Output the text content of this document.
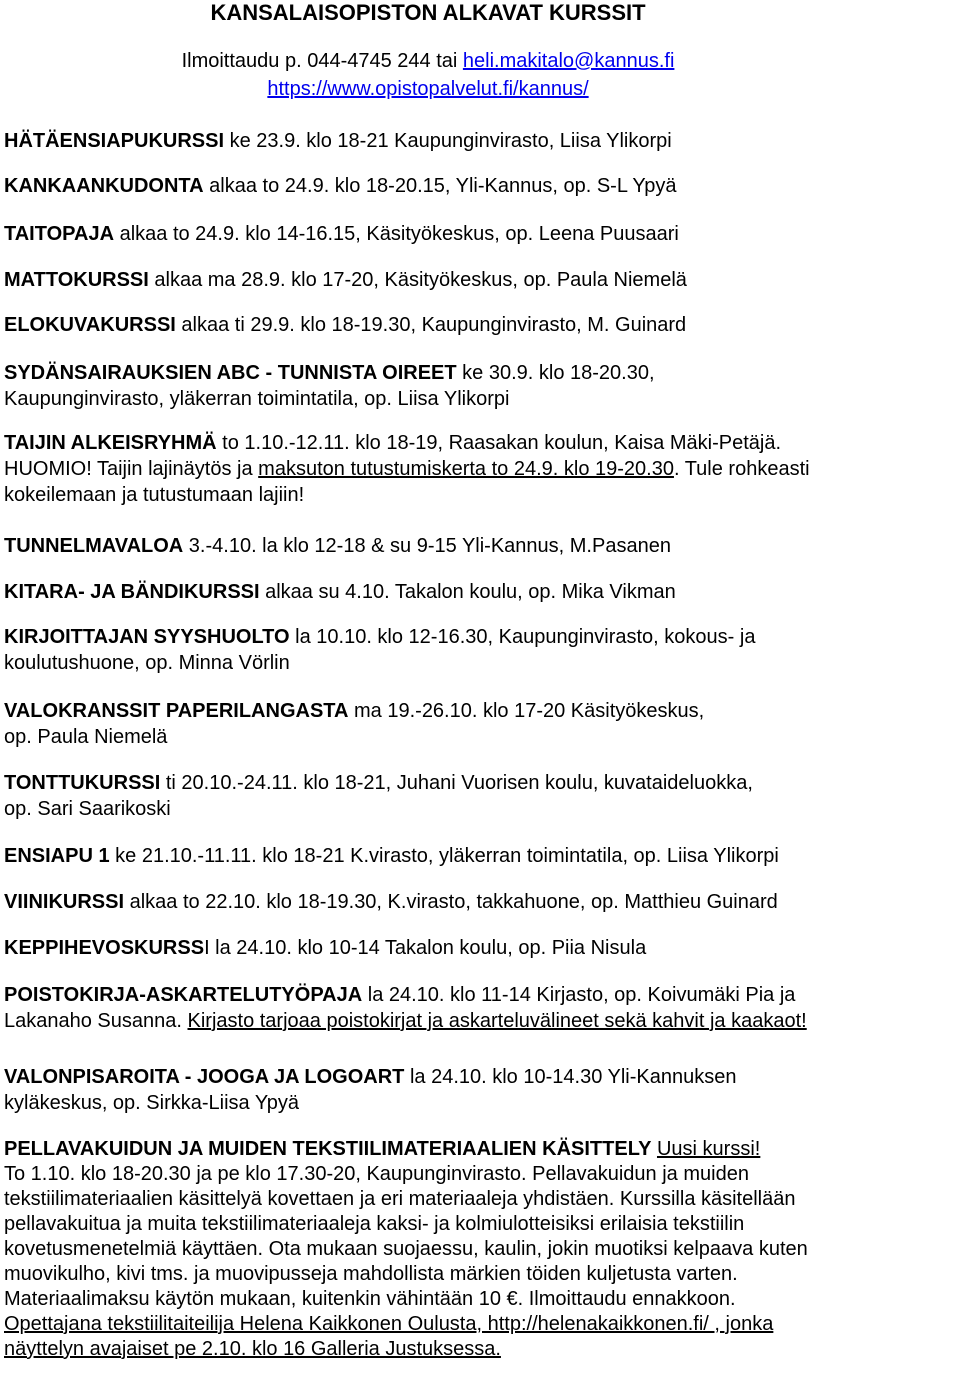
KANSALAISOPISTON ALKAVAT KURSSIT
Ilmoittaudu p. 044-4745 244 tai heli.makitalo@kannus.fi
https://www.opistopalvelut.fi/kannus/
HÄTÄENSIAPUKURSSI ke 23.9. klo 18-21 Kaupunginvirasto, Liisa Ylikorpi
KANKAANKUDONTA alkaa to 24.9. klo 18-20.15, Yli-Kannus, op. S-L Ypyä
TAITOPAJA alkaa to 24.9. klo 14-16.15, Käsityökeskus, op. Leena Puusaari
MATTOKURSSI alkaa ma 28.9. klo 17-20, Käsityökeskus, op. Paula Niemelä
ELOKUVAKURSSI alkaa ti 29.9. klo 18-19.30, Kaupunginvirasto, M. Guinard
SYDÄNSAIRAUKSIEN ABC - TUNNISTA OIREET ke 30.9. klo 18-20.30,
Kaupunginvirasto, yläkerran toimintatila, op. Liisa Ylikorpi
TAIJIN ALKEISRYHMÄ to 1.10.-12.11. klo 18-19, Raasakan koulun, Kaisa Mäki-Petäjä.
HUOMIO! Taijin lajinäytös ja maksuton tutustumiskerta to 24.9. klo 19-20.30. Tule rohkeasti
kokeilemaan ja tutustumaan lajiin!
TUNNELMAVALOA 3.-4.10. la klo 12-18 & su 9-15 Yli-Kannus, M.Pasanen
KITARA- JA BÄNDIKURSSI alkaa su 4.10. Takalon koulu, op. Mika Vikman
KIRJOITTAJAN SYYSHUOLTO la 10.10. klo 12-16.30, Kaupunginvirasto, kokous- ja
koulutushuone, op. Minna Vörlin
VALOKRANSSIT PAPERILANGASTA ma 19.-26.10. klo 17-20 Käsityökeskus,
op. Paula Niemelä
TONTTUKURSSI ti 20.10.-24.11. klo 18-21, Juhani Vuorisen koulu, kuvataideluokka,
op. Sari Saarikoski
ENSIAPU 1 ke 21.10.-11.11. klo 18-21 K.virasto, yläkerran toimintatila, op. Liisa Ylikorpi
VIINIKURSSI alkaa to 22.10. klo 18-19.30, K.virasto, takkahuone, op. Matthieu Guinard
KEPPIHEVOSKURSSI la 24.10. klo 10-14 Takalon koulu, op. Piia Nisula
POISTOKIRJA-ASKARTELUTYÖPAJA la 24.10. klo 11-14 Kirjasto, op. Koivumäki Pia ja
Lakanaho Susanna. Kirjasto tarjoaa poistokirjat ja askarteluvälineet sekä kahvit ja kaakaot!
VALONPISAROITA - JOOGA JA LOGOART la 24.10. klo 10-14.30 Yli-Kannuksen
kyläkeskus, op. Sirkka-Liisa Ypyä
PELLAVAKUIDUN JA MUIDEN TEKSTIILIMATERIAALIEN KÄSITTELY Uusi kurssi!
To 1.10. klo 18-20.30 ja pe klo 17.30-20, Kaupunginvirasto. Pellavakuidun ja muiden
tekstiilimateriaalien käsittelyä kovettaen ja eri materiaaleja yhdistäen. Kurssilla käsitellään
pellavakuitua ja muita tekstiilimateriaaleja kaksi- ja kolmiulotteisiksi erilaisia tekstiilin
kovetusmenetelmiä käyttäen. Ota mukaan suojaessu, kaulin, jokin muotiksi kelpaava kuten
muovikulho, kivi tms. ja muovipusseja mahdollista märkien töiden kuljetusta varten.
Materiaalimaksu käytön mukaan, kuitenkin vähintään 10 €. Ilmoittaudu ennakkoon.
Opettajana tekstiilitaiteilija Helena Kaikkonen Oulusta, http://helenakaikkonen.fi/ , jonka
näyttelyn avajaiset pe 2.10. klo 16 Galleria Justuksessa.
